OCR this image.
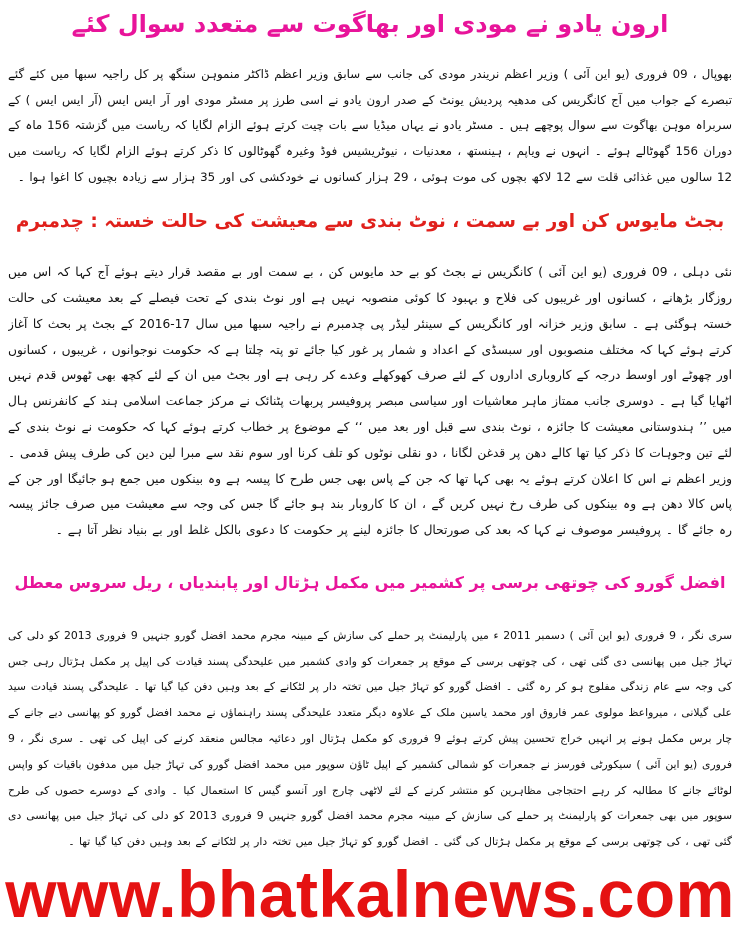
ارون یادو نے مودی اور بھاگوت سے متعدد سوال کئے

بھوپال ، 09 فروری (یو این آئی ) وزیر اعظم نریندر مودی کی جانب سے سابق وزیر اعظم ڈاکٹر منموہن سنگھ پر کل راجیہ سبھا میں کئے گئے تبصرے کے جواب میں آج کانگریس کی مدھیہ پردیش یونٹ کے صدر ارون یادو نے اسی طرز پر مسٹر مودی اور آر ایس ایس (آر ایس ایس ) کے سربراہ موہن بھاگوت سے سوال پوچھے ہیں ۔ مسٹر یادو نے یہاں میڈیا سے بات چیت کرتے ہوئے الزام لگایا کہ ریاست میں گزشتہ 156 ماہ کے دوران 156 گھوٹالے ہوئے ۔ انہوں نے ویاپم ، ہینستھ ، معدنیات ، نیوٹریشیس فوڈ وغیرہ گھوٹالوں کا ذکر کرتے ہوئے الزام لگایا کہ ریاست میں 12 سالوں میں غذائی قلت سے 12 لاکھ بچوں کی موت ہوئی ، 29 ہزار کسانوں نے خودکشی کی اور 35 ہزار سے زیادہ بچیوں کا اغوا ہوا ۔

بجٹ مایوس کن اور بے سمت ، نوٹ بندی سے معیشت کی حالت خستہ : چدمبرم

نئی دہلی ، 09 فروری (یو این آئی ) کانگریس نے بجٹ کو بے حد مایوس کن ، بے سمت اور بے مقصد قرار دیتے ہوئے آج کہا کہ اس میں روزگار بڑھانے ، کسانوں اور غریبوں کی فلاح و بہبود کا کوئی منصوبہ نہیں ہے اور نوٹ بندی کے تحت فیصلے کے بعد معیشت کی حالت خستہ ہوگئی ہے ۔ سابق وزیر خزانہ اور کانگریس کے سینئر لیڈر پی چدمبرم نے راجیہ سبھا میں سال 17-2016 کے بجٹ پر بحث کا آغاز کرتے ہوئے کہا کہ مختلف منصوبوں اور سبسڈی کے اعداد و شمار پر غور کیا جائے تو پتہ چلتا ہے کہ حکومت نوجوانوں ، غریبوں ، کسانوں اور چھوٹے اور اوسط درجہ کے کاروباری اداروں کے لئے صرف کھوکھلے وعدے کر رہی ہے اور بجٹ میں ان کے لئے کچھ بھی ٹھوس قدم نہیں اٹھایا گیا ہے ۔ دوسری جانب ممتاز ماہر معاشیات اور سیاسی مبصر پروفیسر پربھات پٹنائک نے مرکز جماعت اسلامی ہند کے کانفرنس ہال میں ’’ ہندوستانی معیشت کا جائزہ ، نوٹ بندی سے قبل اور بعد میں ‘‘ کے موضوع پر خطاب کرتے ہوئے کہا کہ حکومت نے نوٹ بندی کے لئے تین وجوہات کا ذکر کیا تھا کالے دھن پر قدغن لگانا ، دو نقلی نوٹوں کو تلف کرنا اور سوم نقد سے مبرا لین دین کی طرف پیش قدمی ۔ وزیر اعظم نے اس کا اعلان کرتے ہوئے یہ بھی کہا تھا کہ جن کے پاس بھی جس طرح کا پیسہ ہے وہ بینکوں میں جمع ہو جائیگا اور جن کے پاس کالا دھن ہے وہ بینکوں کی طرف رخ نہیں کریں گے ، ان کا کاروبار بند ہو جائے گا جس کی وجہ سے معیشت میں صرف جائز پیسہ رہ جائے گا ۔ پروفیسر موصوف نے کہا کہ بعد کی صورتحال کا جائزہ لینے پر حکومت کا دعوی بالکل غلط اور بے بنیاد نظر آتا ہے ۔

افضل گورو کی چوتھی برسی پر کشمیر میں مکمل ہڑتال اور پابندیاں ، ریل سروس معطل

سری نگر ، 9 فروری (یو این آئی ) دسمبر 2011 ء میں پارلیمنٹ پر حملے کی سازش کے مبینہ مجرم محمد افضل گورو جنہیں 9 فروری 2013 کو دلی کی تہاڑ جیل میں پھانسی دی گئی تھی ، کی چوتھی برسی کے موقع پر جمعرات کو وادی کشمیر میں علیحدگی پسند قیادت کی اپیل پر مکمل ہڑتال رہی جس کی وجہ سے عام زندگی مفلوج ہو کر رہ گئی ۔ افضل گورو کو تہاڑ جیل میں تختہ دار پر لٹکانے کے بعد وہیں دفن کیا گیا تھا ۔ علیحدگی پسند قیادت سید علی گیلانی ، میرواعظ مولوی عمر فاروق اور محمد یاسین ملک کے علاوہ دیگر متعدد علیحدگی پسند راہنماؤں نے محمد افضل گورو کو پھانسی دیے جانے کے چار برس مکمل ہونے پر انہیں خراج تحسین پیش کرتے ہوئے 9 فروری کو مکمل ہڑتال اور دعائیہ مجالس منعقد کرنے کی اپیل کی تھی ۔ سری نگر ، 9 فروری (یو این آئی ) سیکورٹی فورسز نے جمعرات کو شمالی کشمیر کے اپیل ٹاؤن سوپور میں محمد افضل گورو کی تہاڑ جیل میں مدفون باقیات کو واپس لوٹائے جانے کا مطالبہ کر رہے احتجاجی مظاہرین کو منتشر کرنے کے لئے لاٹھی چارج اور آنسو گیس کا استعمال کیا ۔ وادی کے دوسرے حصوں کی طرح سوپور میں بھی جمعرات کو پارلیمنٹ پر حملے کی سازش کے مبینہ مجرم محمد افضل گورو جنہیں 9 فروری 2013 کو دلی کی تہاڑ جیل میں پھانسی دی گئی تھی ، کی چوتھی برسی کے موقع پر مکمل ہڑتال کی گئی ۔ افضل گورو کو تہاڑ جیل میں تختہ دار پر لٹکانے کے بعد وہیں دفن کیا گیا تھا ۔

www.bhatkalnews.com
